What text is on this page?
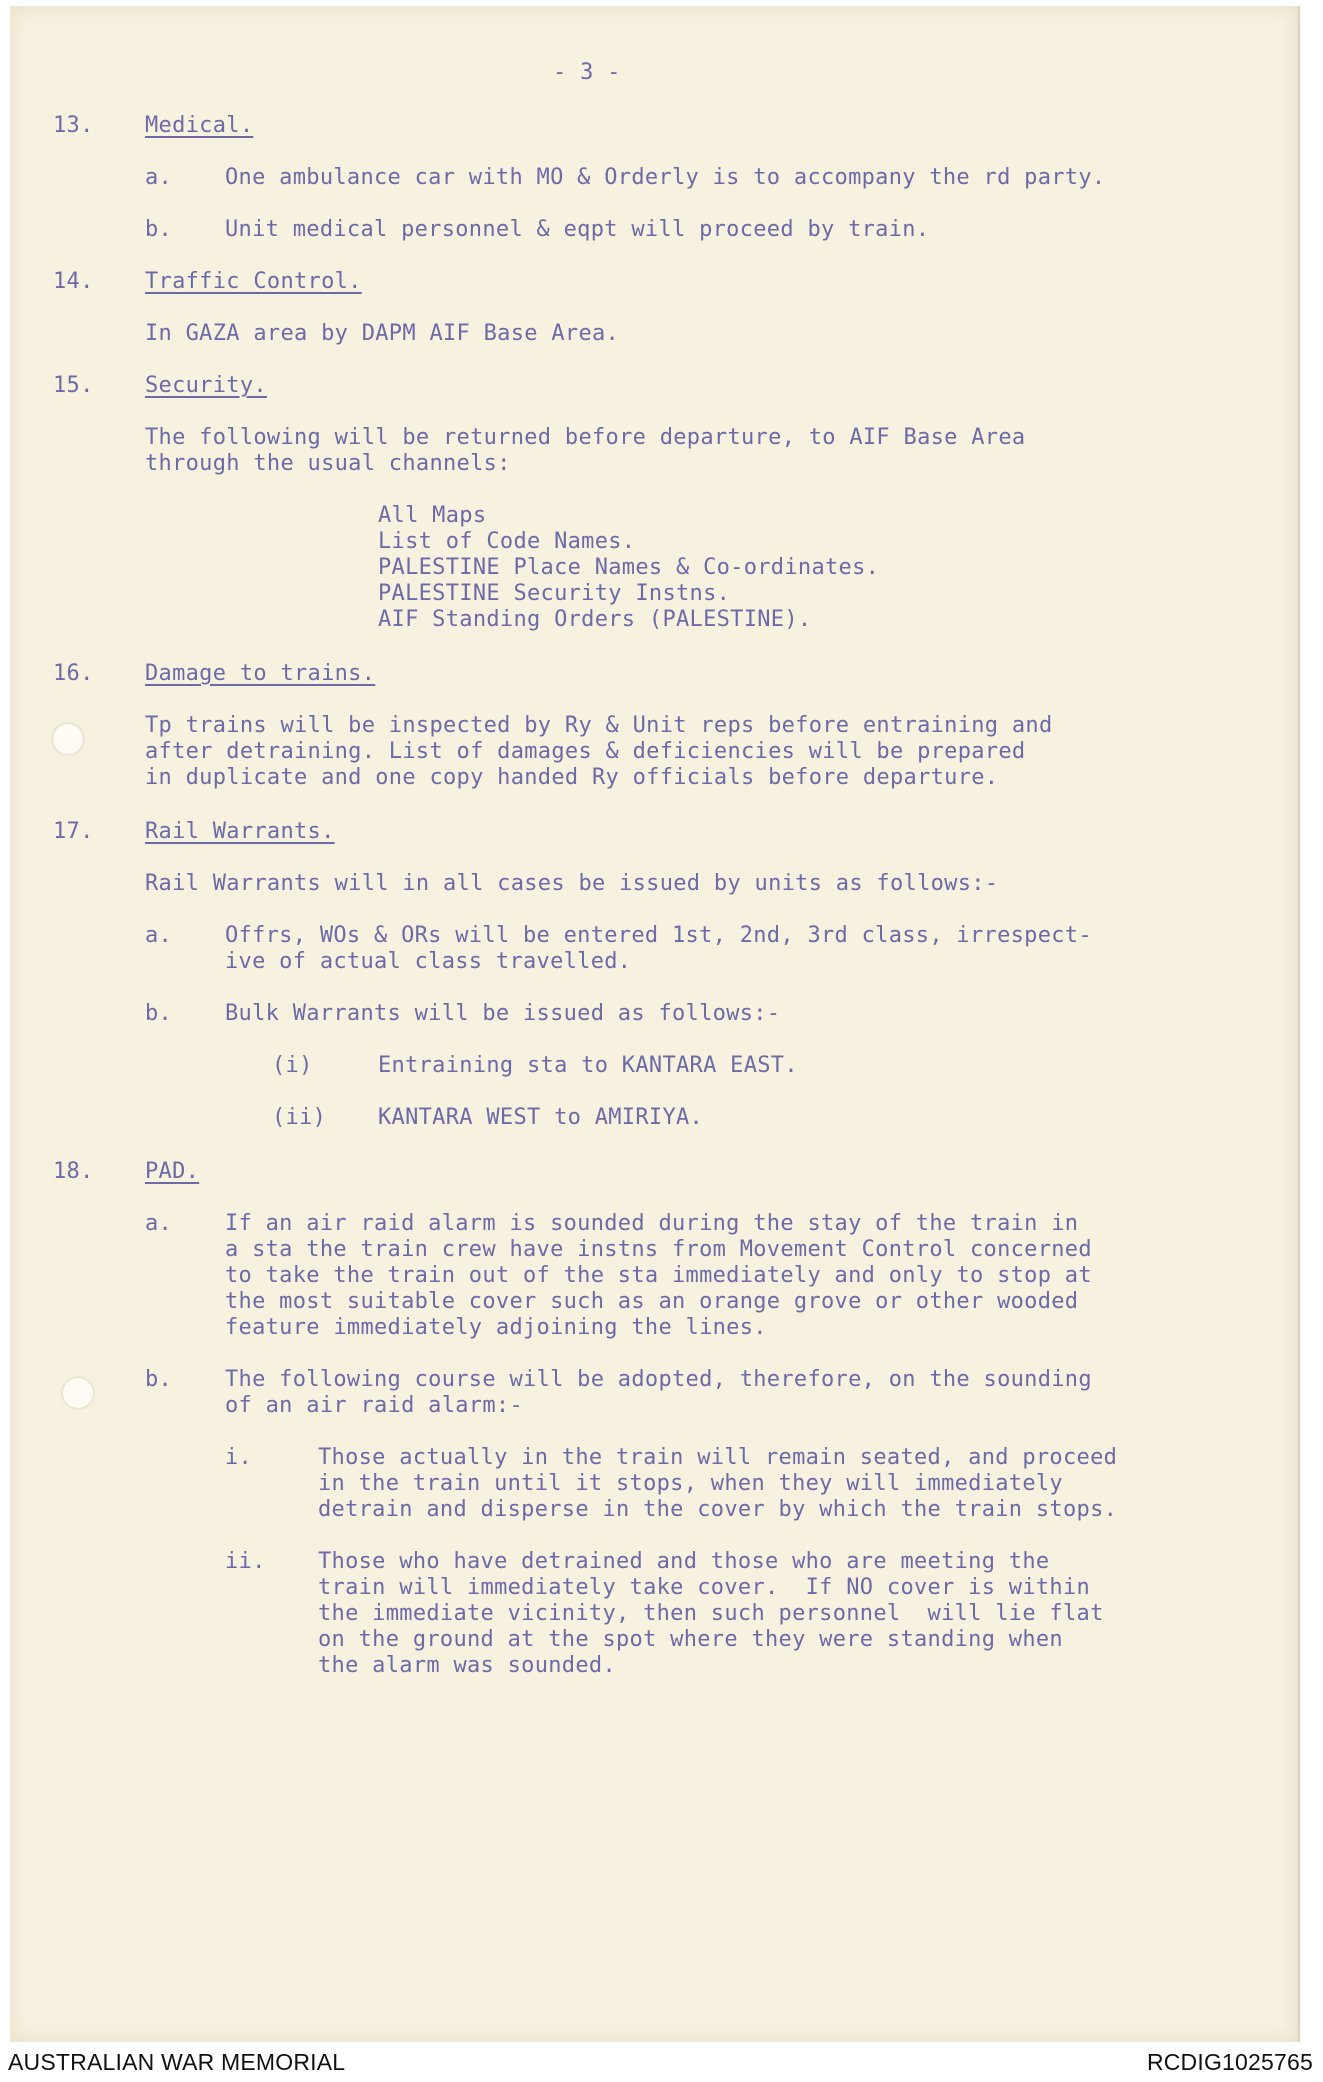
- 3 -
13. Medical.
a. One ambulance car with MO & Orderly is to accompany the rd party.
b. Unit medical personnel & eqpt will proceed by train.
14. Traffic Control.
In GAZA area by DAPM AIF Base Area.
15. Security.
The following will be returned before departure, to AIF Base Area
through the usual channels:
All Maps
List of Code Names.
PALESTINE Place Names & Co-ordinates.
PALESTINE Security Instns.
AIF Standing Orders (PALESTINE).
16. Damage to trains.
Tp trains will be inspected by Ry & Unit reps before entraining and
after detraining. List of damages & deficiencies will be prepared
in duplicate and one copy handed Ry officials before departure.
17. Rail Warrants.
Rail Warrants will in all cases be issued by units as follows:-
a. Offrs, WOs & ORs will be entered 1st, 2nd, 3rd class, irrespect-
ive of actual class travelled.
b. Bulk Warrants will be issued as follows:-
(i)	Entraining sta to KANTARA EAST.
(ii) KANTARA WEST to AMIRIYA.
18. PAD.
a. If an air raid alarm is sounded during the stay of the train in
a sta the train crew have instns from Movement Control concerned
to take the train out of the sta immediately and only to stop at
the most suitable cover such as an orange grove or other wooded
feature immediately adjoining the lines.
b. The following course will be adopted, therefore, on the sounding
of an air raid alarm:-
i.	Those actually in the train will remain seated, and proceed
in the train until it stops, when they will immediately
detrain and disperse in the cover by which the train stops.
ii. Those who have detrained and those who are meeting the
train will immediately take cover.  If NO cover is within
the immediate vicinity, then such personnel  will lie flat
on the ground at the spot where they were standing when
the alarm was sounded.
AUSTRALIAN WAR MEMORIAL	RCDIG1025765
